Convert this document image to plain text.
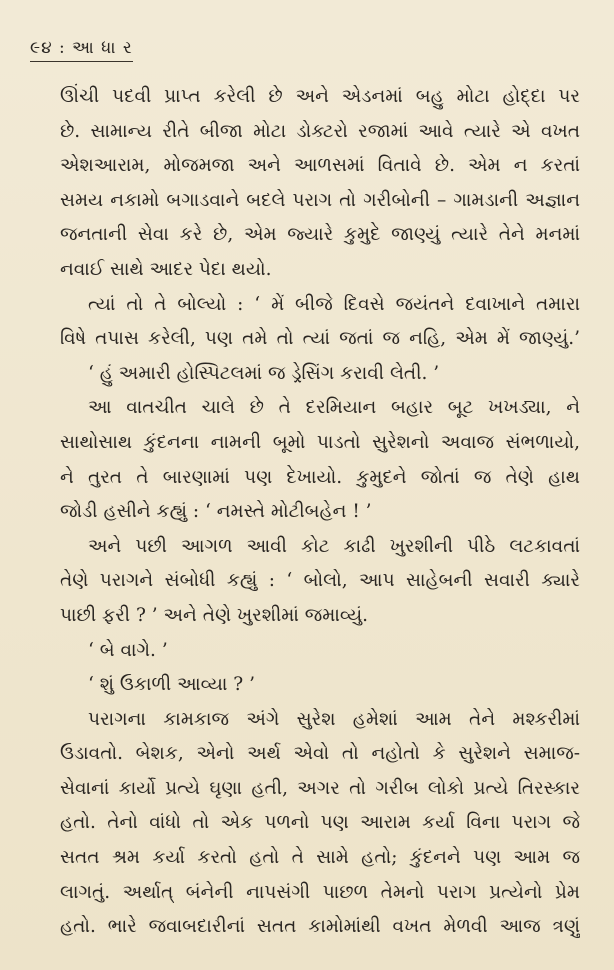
૯૪ : આ ધા ર
ઊંચી પદવી પ્રાપ્ત કરેલી છે અને એડનમાં બહુ મોટા હોદ્દા પર
છે. સામાન્ય રીતે બીજા મોટા ડોક્ટરો રજામાં આવે ત્યારે એ વખત
એશઆરામ, મોજમજા અને આળસમાં વિતાવે છે. એમ ન કરતાં
સમય નકામો બગાડવાને બદલે પરાગ તો ગરીબોની – ગામડાની અજ્ઞાન
જનતાની સેવા કરે છે, એમ જ્યારે કુમુદે જાણ્યું ત્યારે તેને મનમાં
નવાઈ સાથે આદર પેદા થયો.
ત્યાં તો તે બોલ્યો : ‘ મેં બીજે દિવસે જયંતને દવાખાને તમારા
વિષે તપાસ કરેલી, પણ તમે તો ત્યાં જતાં જ નહિ, એમ મેં જાણ્યું.’
‘ હું અમારી હોસ્પિટલમાં જ ડ્રેસિંગ કરાવી લેતી. ’
આ વાતચીત ચાલે છે તે દરમિયાન બહાર બૂટ ખખડ્યા, ને
સાથોસાથ કુંદનના નામની બૂમો પાડતો સુરેશનો અવાજ સંભળાયો,
ને તુરત તે બારણામાં પણ દેખાયો. કુમુદને જોતાં જ તેણે હાથ
જોડી હસીને કહ્યું : ‘ નમસ્તે મોટીબહેન ! ’
અને પછી આગળ આવી કોટ કાઢી ખુરશીની પીઠે લટકાવતાં
તેણે પરાગને સંબોધી કહ્યું : ‘ બોલો, આપ સાહેબની સવારી ક્યારે
પાછી ફરી ? ’ અને તેણે ખુરશીમાં જમાવ્યું.
‘ બે વાગે. ’
‘ શું ઉકાળી આવ્યા ? ’
પરાગના કામકાજ અંગે સુરેશ હમેશાં આમ તેને મશ્કરીમાં
ઉડાવતો. બેશક, એનો અર્થ એવો તો નહોતો કે સુરેશને સમાજ-
સેવાનાં કાર્યો પ્રત્યે ઘૃણા હતી, અગર તો ગરીબ લોકો પ્રત્યે તિરસ્કાર
હતો. તેનો વાંધો તો એક પળનો પણ આરામ કર્યા વિના પરાગ જે
સતત શ્રમ કર્યા કરતો હતો તે સામે હતો; કુંદનને પણ આમ જ
લાગતું. અર્થાત્ બંનેની નાપસંગી પાછળ તેમનો પરાગ પ્રત્યેનો પ્રેમ
હતો. ભારે જવાબદારીનાં સતત કામોમાંથી વખત મેળવી આજ ત્રણું
